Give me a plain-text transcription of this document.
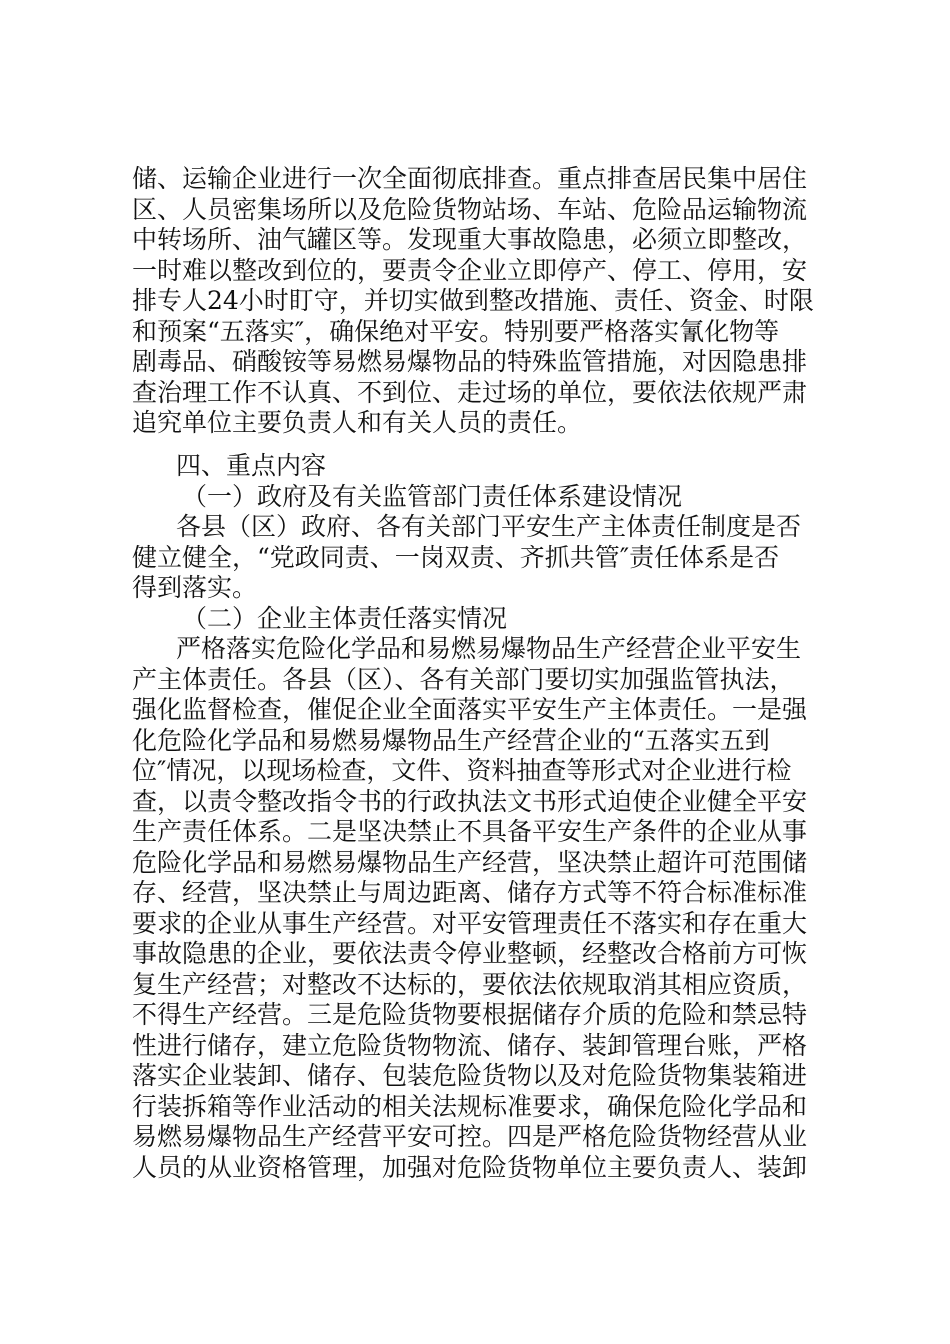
储、运输企业进行一次全面彻底排查。重点排查居民集中居住
区、人员密集场所以及危险货物站场、车站、危险品运输物流
中转场所、油气罐区等。发现重大事故隐患，必须立即整改，
一时难以整改到位的，要责令企业立即停产、停工、停用，安
排专人24小时盯守，并切实做到整改措施、责任、资金、时限
和预案“五落实″，确保绝对平安。特别要严格落实氰化物等
剧毒品、硝酸铵等易燃易爆物品的特殊监管措施，对因隐患排
查治理工作不认真、不到位、走过场的单位，要依法依规严肃
追究单位主要负责人和有关人员的责任。
四、重点内容
（一）政府及有关监管部门责任体系建设情况
各县（区）政府、各有关部门平安生产主体责任制度是否
健立健全，“党政同责、一岗双责、齐抓共管″责任体系是否
得到落实。
（二）企业主体责任落实情况
严格落实危险化学品和易燃易爆物品生产经营企业平安生
产主体责任。各县（区）、各有关部门要切实加强监管执法，
强化监督检查，催促企业全面落实平安生产主体责任。一是强
化危险化学品和易燃易爆物品生产经营企业的“五落实五到
位″情况，以现场检查，文件、资料抽查等形式对企业进行检
查，以责令整改指令书的行政执法文书形式迫使企业健全平安
生产责任体系。二是坚决禁止不具备平安生产条件的企业从事
危险化学品和易燃易爆物品生产经营，坚决禁止超许可范围储
存、经营，坚决禁止与周边距离、储存方式等不符合标准标准
要求的企业从事生产经营。对平安管理责任不落实和存在重大
事故隐患的企业，要依法责令停业整顿，经整改合格前方可恢
复生产经营；对整改不达标的，要依法依规取消其相应资质，
不得生产经营。三是危险货物要根据储存介质的危险和禁忌特
性进行储存，建立危险货物物流、储存、装卸管理台账，严格
落实企业装卸、储存、包装危险货物以及对危险货物集装箱进
行装拆箱等作业活动的相关法规标准要求，确保危险化学品和
易燃易爆物品生产经营平安可控。四是严格危险货物经营从业
人员的从业资格管理，加强对危险货物单位主要负责人、装卸
